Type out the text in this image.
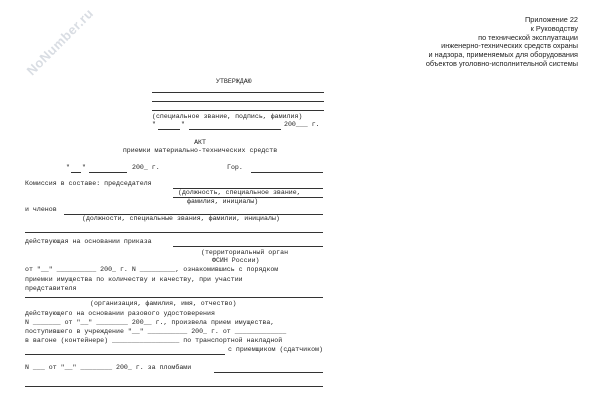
NoNumber.ru	Приложение 22
к Руководству
по технической эксплуатации
инженерно-технических средств охраны
и надзора, применяемых для оборудования
объектов уголовно-исполнительной системы
УТВЕРЖДАЮ
(специальное звание, подпись, фамилия)
"	"	200___ г.
АКТ
приемки материально-технических средств
" "	200_ г.	Гор.
Комиссия в составе: председателя
(должность, специальное звание,
фамилия, инициалы)
и членов
(должности, специальные звания, фамилии, инициалы)
действующая на основании приказа
(территориальный орган
ФСИН России)
от "__" __________ 200_ г. N _________, ознакомившись с порядком
приемки имущества по количеству и качеству, при участии
представителя
(организация, фамилия, имя, отчество)
действующего на основании разового удостоверения
N _______ от "__" ________ 200__ г., произвела прием имущества,
поступившего в учреждение "__" __________ 200_ г. от _____________
в вагоне (контейнере) _________________ по транспортной накладной
с приемщиком (сдатчиком)
N ___ от "__" ________ 200_ г. за пломбами
